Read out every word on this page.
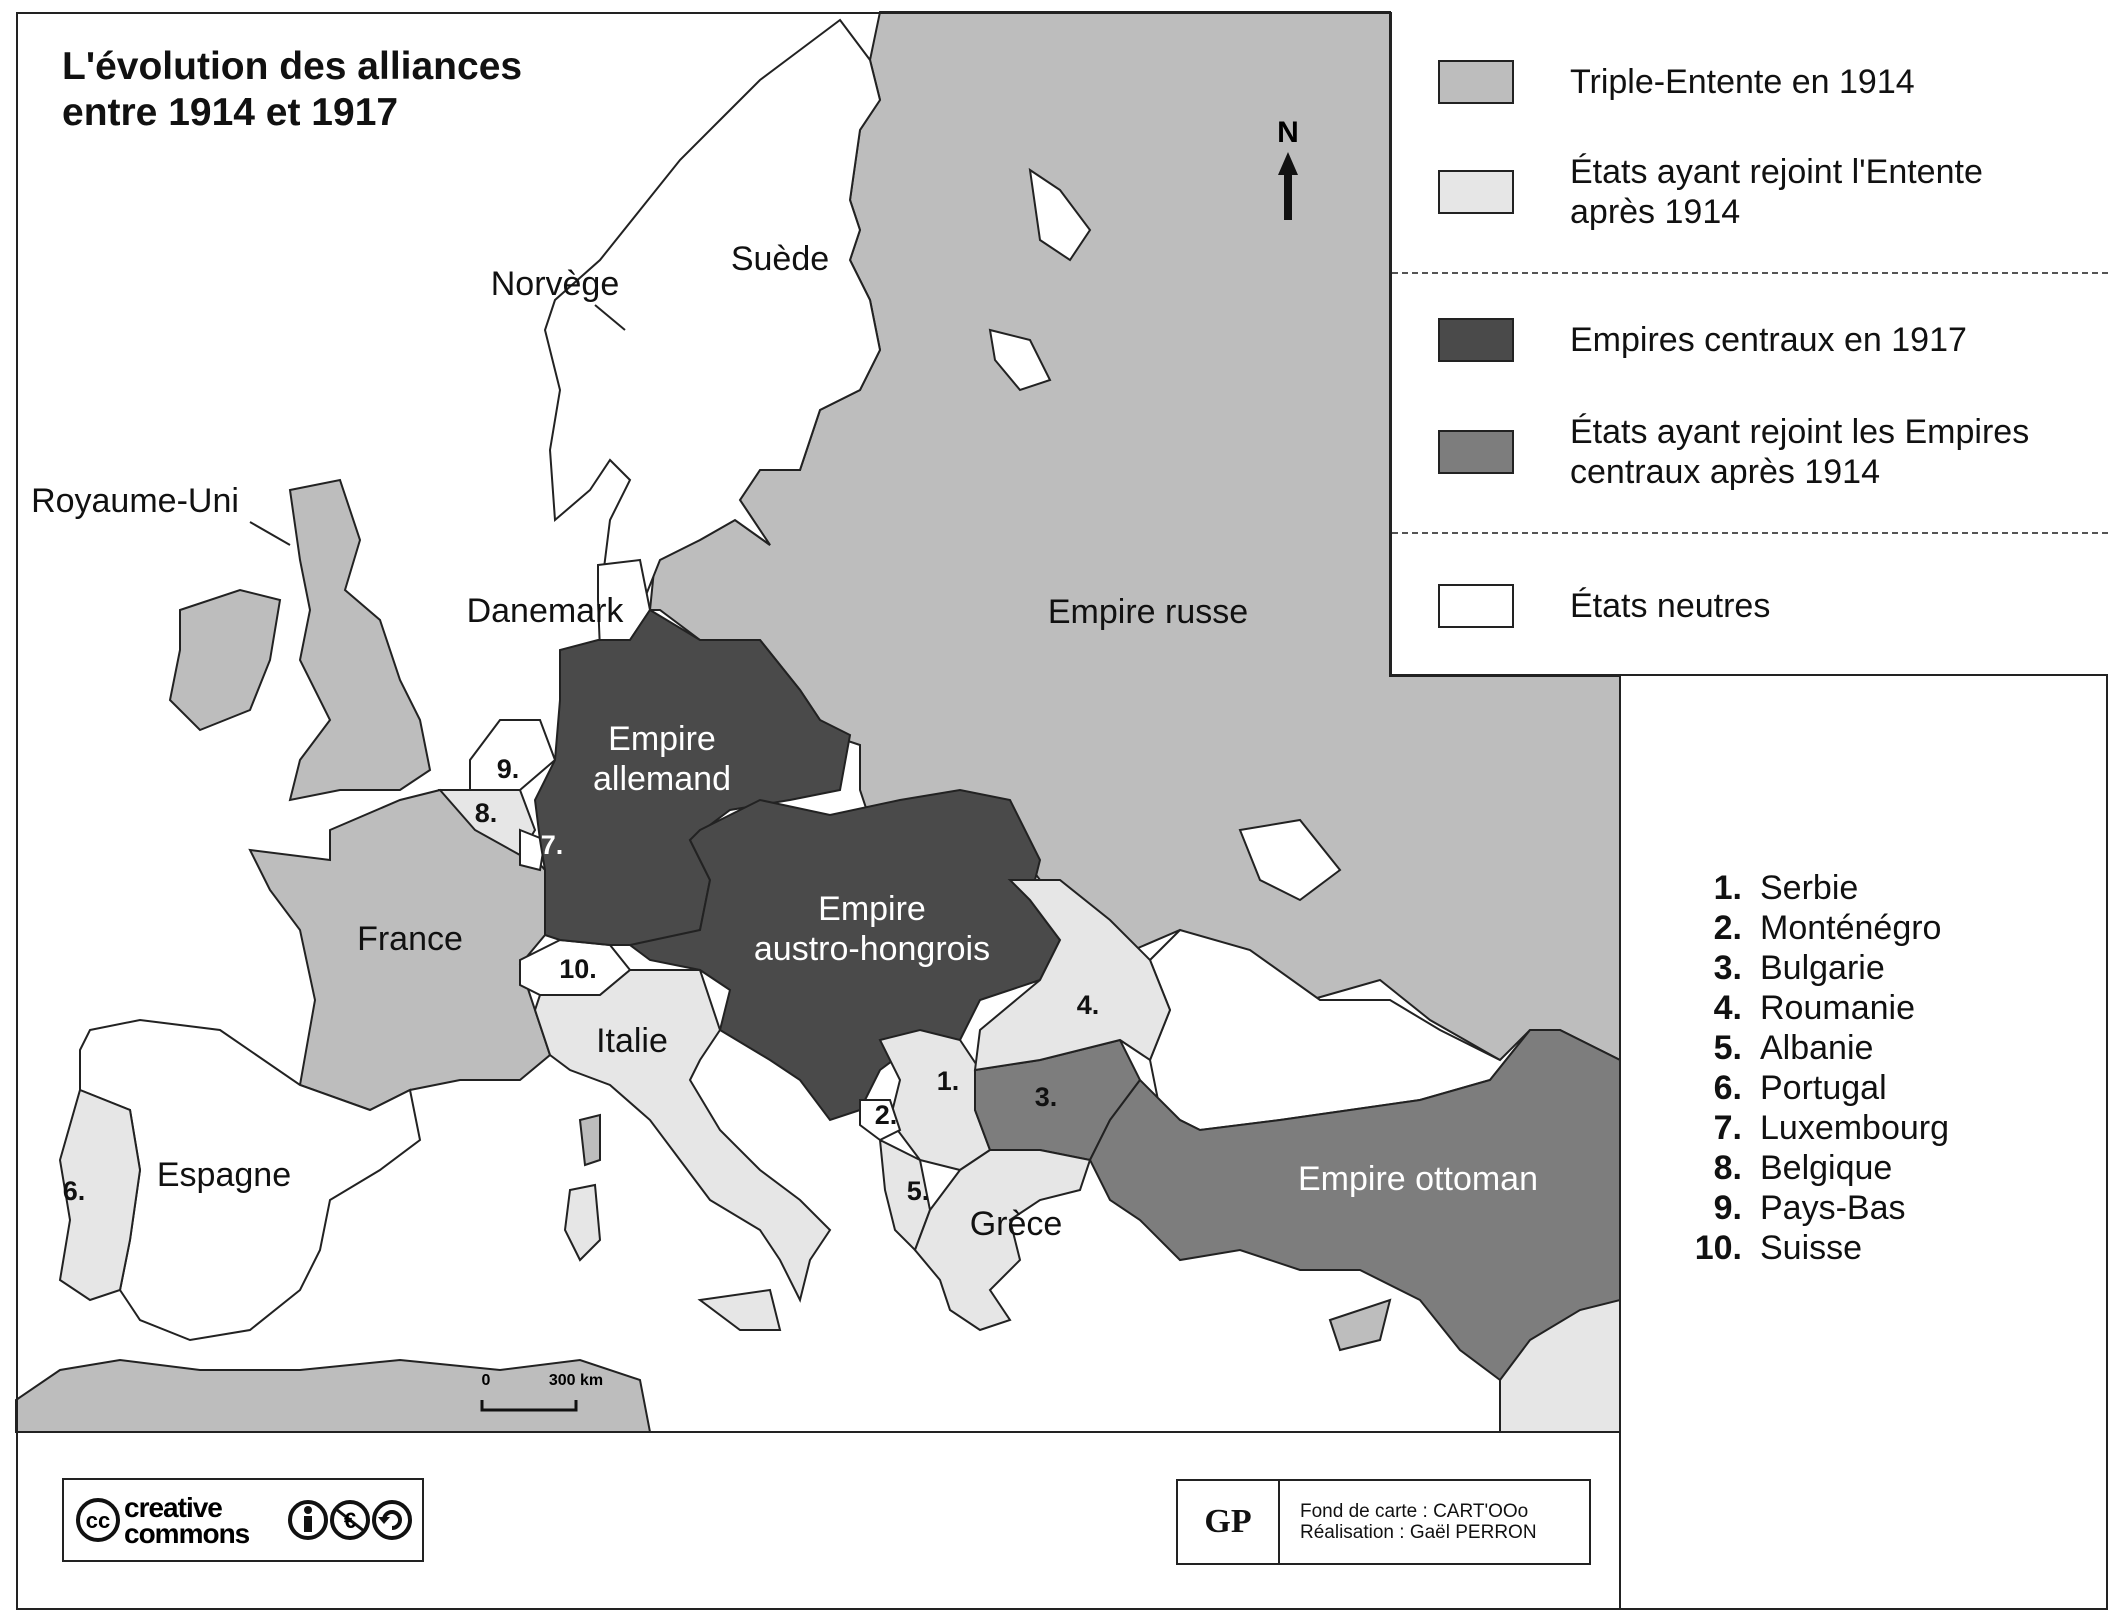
N
0	300 km
Norvège
Suède
Royaume-Uni
Danemark	Empire russe
Empire
allemand
Empire
austro-hongrois
France
Italie
Espagne
Grèce
Empire ottoman
1.
2.
3.
4.
5.
6.
7.
8.
9.
10.
L'évolution des alliances
entre 1914 et 1917
Triple-Entente en 1914
États ayant rejoint l'Entente après 1914
Empires centraux en 1917
États ayant rejoint les Empires centraux après 1914
États neutres
1. Serbie
2. Monténégro
3. Bulgarie
4. Roumanie
5. Albanie
6. Portugal
7. Luxembourg
8. Belgique
9. Pays-Bas
10. Suisse
cc creative
commons	€	GP	Fond de carte : CART'OOo
Réalisation : Gaël PERRON
